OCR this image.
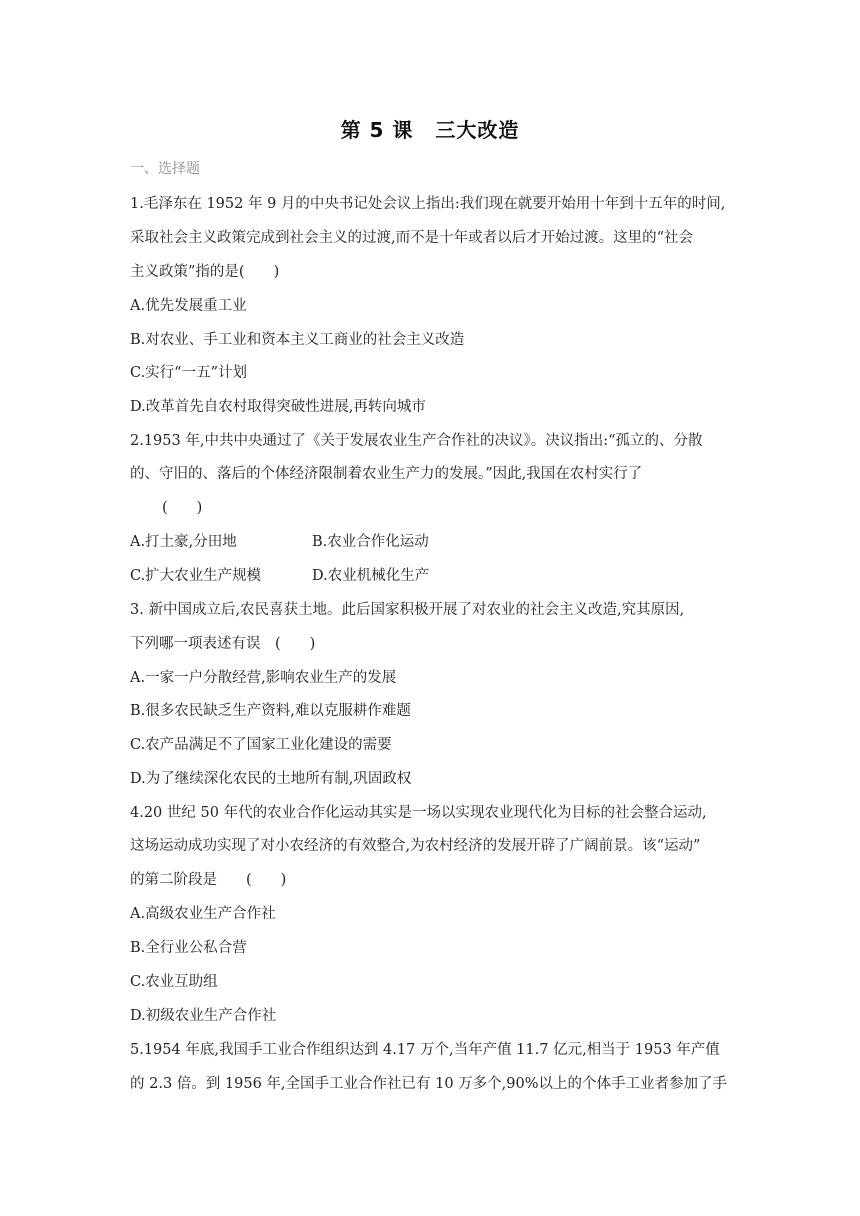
第 5 课 三大改造
一、选择题
1.毛泽东在 1952 年 9 月的中央书记处会议上指出:我们现在就要开始用十年到十五年的时间,
采取社会主义政策完成到社会主义的过渡,而不是十年或者以后才开始过渡。这里的“社会
主义政策”指的是(　　)
A.优先发展重工业
B.对农业、手工业和资本主义工商业的社会主义改造
C.实行“一五”计划
D.改革首先自农村取得突破性进展,再转向城市
2.1953 年,中共中央通过了《关于发展农业生产合作社的决议》。决议指出:“孤立的、分散
的、守旧的、落后的个体经济限制着农业生产力的发展。”因此,我国在农村实行了
(　　)
A.打土豪,分田地	B.农业合作化运动
C.扩大农业生产规模	D.农业机械化生产
3. 新中国成立后,农民喜获土地。此后国家积极开展了对农业的社会主义改造,究其原因,
下列哪一项表述有误　(　　)
A.一家一户分散经营,影响农业生产的发展
B.很多农民缺乏生产资料,难以克服耕作难题
C.农产品满足不了国家工业化建设的需要
D.为了继续深化农民的土地所有制,巩固政权
4.20 世纪 50 年代的农业合作化运动其实是一场以实现农业现代化为目标的社会整合运动,
这场运动成功实现了对小农经济的有效整合,为农村经济的发展开辟了广阔前景。该“运动”
的第二阶段是　　(　　)
A.高级农业生产合作社
B.全行业公私合营
C.农业互助组
D.初级农业生产合作社
5.1954 年底,我国手工业合作组织达到 4.17 万个,当年产值 11.7 亿元,相当于 1953 年产值
的 2.3 倍。到 1956 年,全国手工业合作社已有 10 万多个,90%以上的个体手工业者参加了手
